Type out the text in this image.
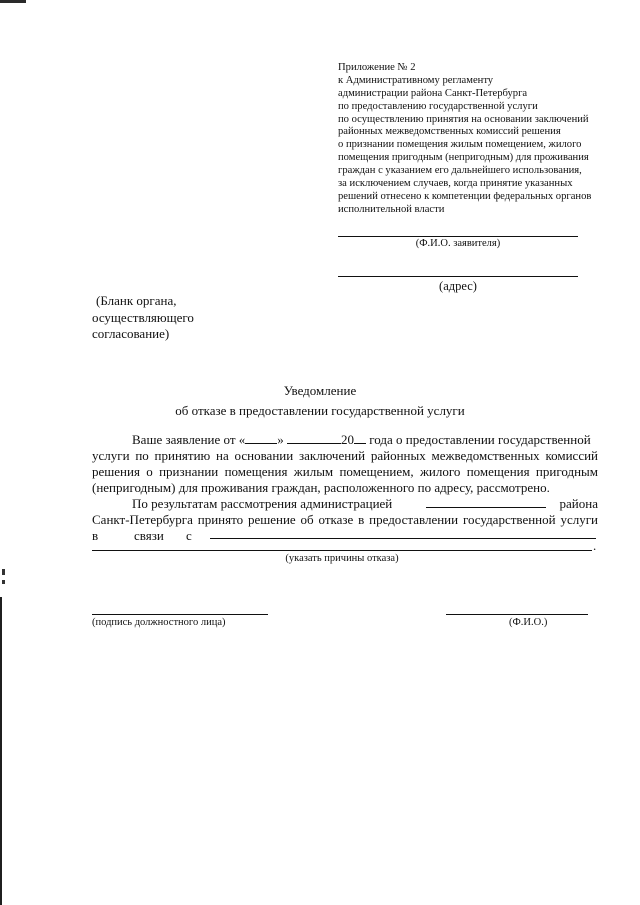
Приложение № 2
к Административному регламенту
администрации района Санкт-Петербурга
по предоставлению государственной услуги
по осуществлению принятия на основании заключений
районных межведомственных комиссий решения
о признании помещения жилым помещением, жилого
помещения пригодным (непригодным) для проживания
граждан с указанием его дальнейшего использования,
за исключением случаев, когда принятие указанных
решений отнесено к компетенции федеральных органов
исполнительной власти
(Ф.И.О. заявителя)
(адрес)
(Бланк органа,
осуществляющего
согласование)
Уведомление
об отказе в предоставлении государственной услуги
Ваше заявление от « »	20 года о предоставлении государственной
услуги по принятию на основании заключений районных межведомственных комиссий
решения о признании помещения жилым помещением, жилого помещения пригодным
(непригодным) для проживания граждан, расположенного по адресу, рассмотрено.
По результатам рассмотрения администрацией	района
Санкт-Петербурга принято решение об отказе в предоставлении государственной услуги
в	связи с
.
(указать причины отказа)
(подпись должностного лица)	(Ф.И.О.)
